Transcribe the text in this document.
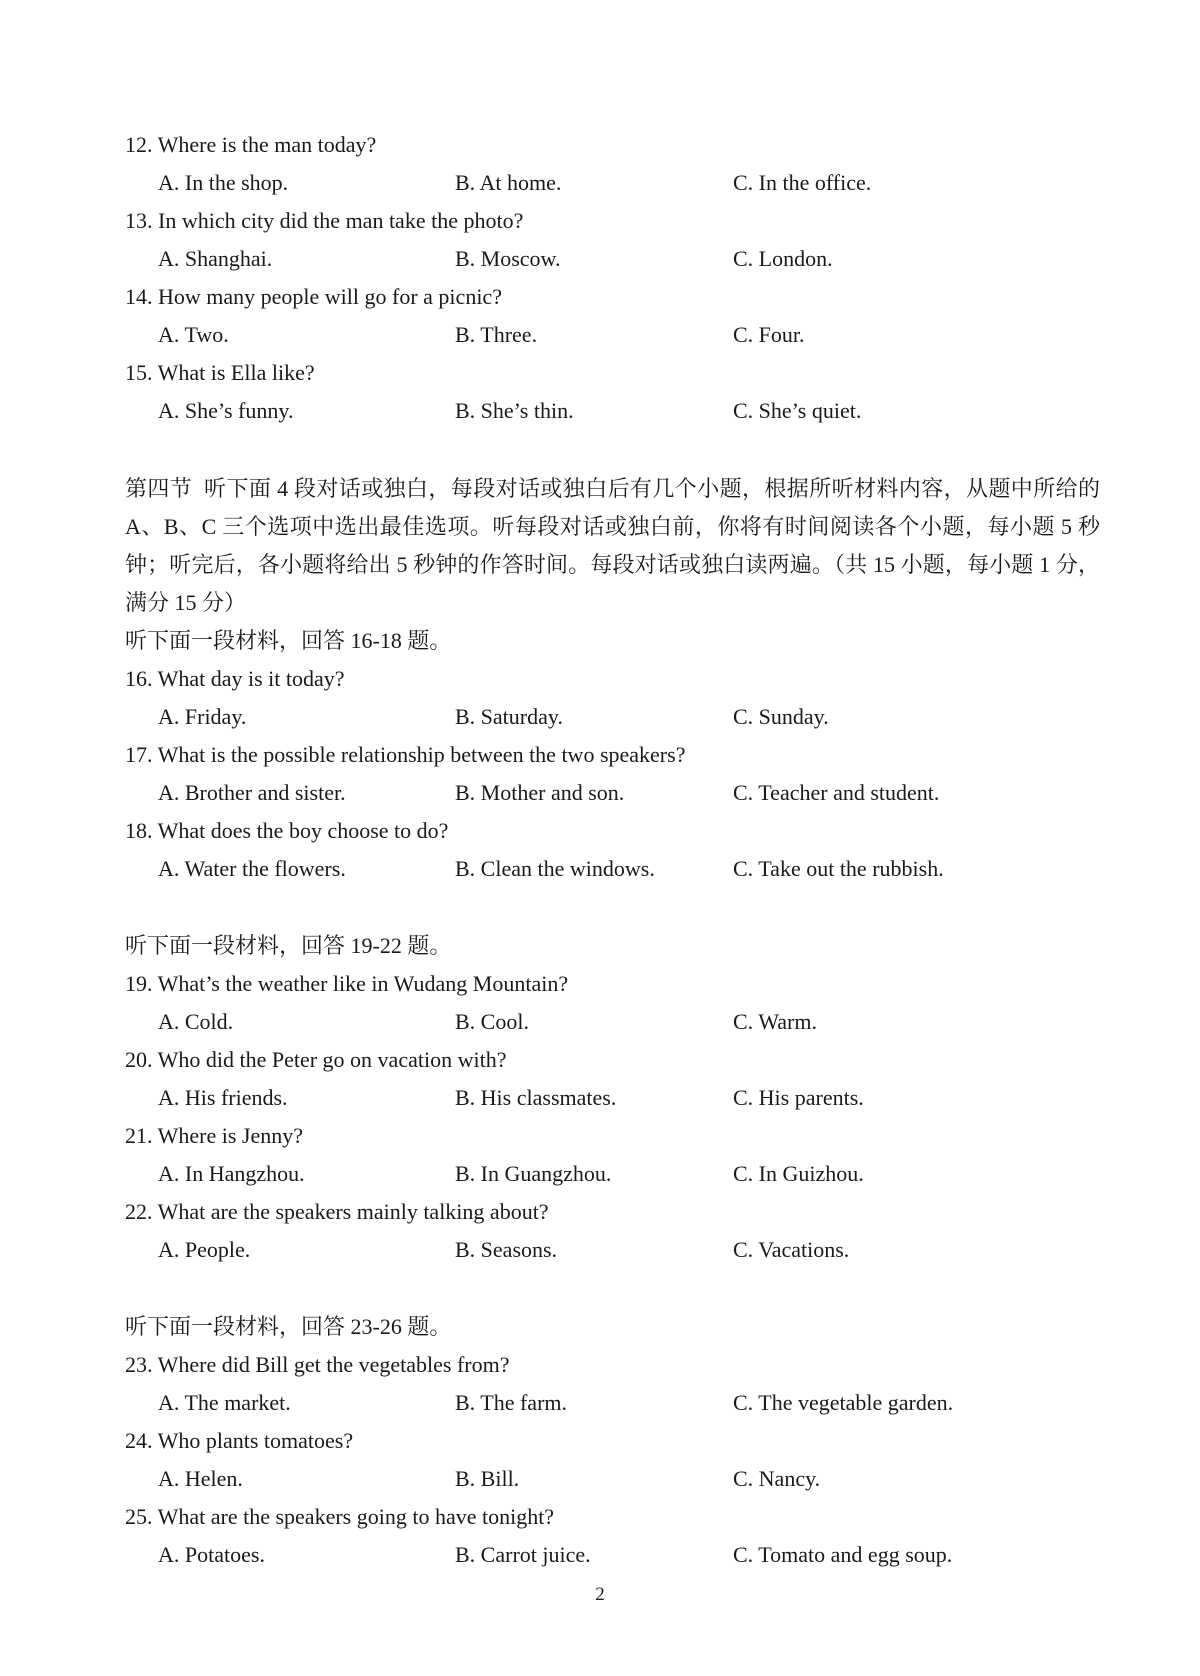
12. Where is the man today?
A. In the shop.	B. At home.	C. In the office.
13. In which city did the man take the photo?
A. Shanghai.	B. Moscow.	C. London.
14. How many people will go for a picnic?
A. Two.	B. Three.	C. Four.
15. What is Ella like?
A. She’s funny.	B. She’s thin.	C. She’s quiet.
第四节 听下面 4 段对话或独白，每段对话或独白后有几个小题，根据所听材料内容，从题中所给的 A、B、C 三个选项中选出最佳选项。听每段对话或独白前，你将有时间阅读各个小题，每小题 5 秒钟；听完后，各小题将给出 5 秒钟的作答时间。每段对话或独白读两遍。（共 15 小题，每小题 1 分，满分 15 分）
听下面一段材料，回答 16-18 题。
16. What day is it today?
A. Friday.	B. Saturday.	C. Sunday.
17. What is the possible relationship between the two speakers?
A. Brother and sister.	B. Mother and son.	C. Teacher and student.
18. What does the boy choose to do?
A. Water the flowers.	B. Clean the windows.	C. Take out the rubbish.
听下面一段材料，回答 19-22 题。
19. What’s the weather like in Wudang Mountain?
A. Cold.	B. Cool.	C. Warm.
20. Who did the Peter go on vacation with?
A. His friends.	B. His classmates.	C. His parents.
21. Where is Jenny?
A. In Hangzhou.	B. In Guangzhou.	C. In Guizhou.
22. What are the speakers mainly talking about?
A. People.	B. Seasons.	C. Vacations.
听下面一段材料，回答 23-26 题。
23. Where did Bill get the vegetables from?
A. The market.	B. The farm.	C. The vegetable garden.
24. Who plants tomatoes?
A. Helen.	B. Bill.	C. Nancy.
25. What are the speakers going to have tonight?
A. Potatoes.	B. Carrot juice.	C. Tomato and egg soup.
2
